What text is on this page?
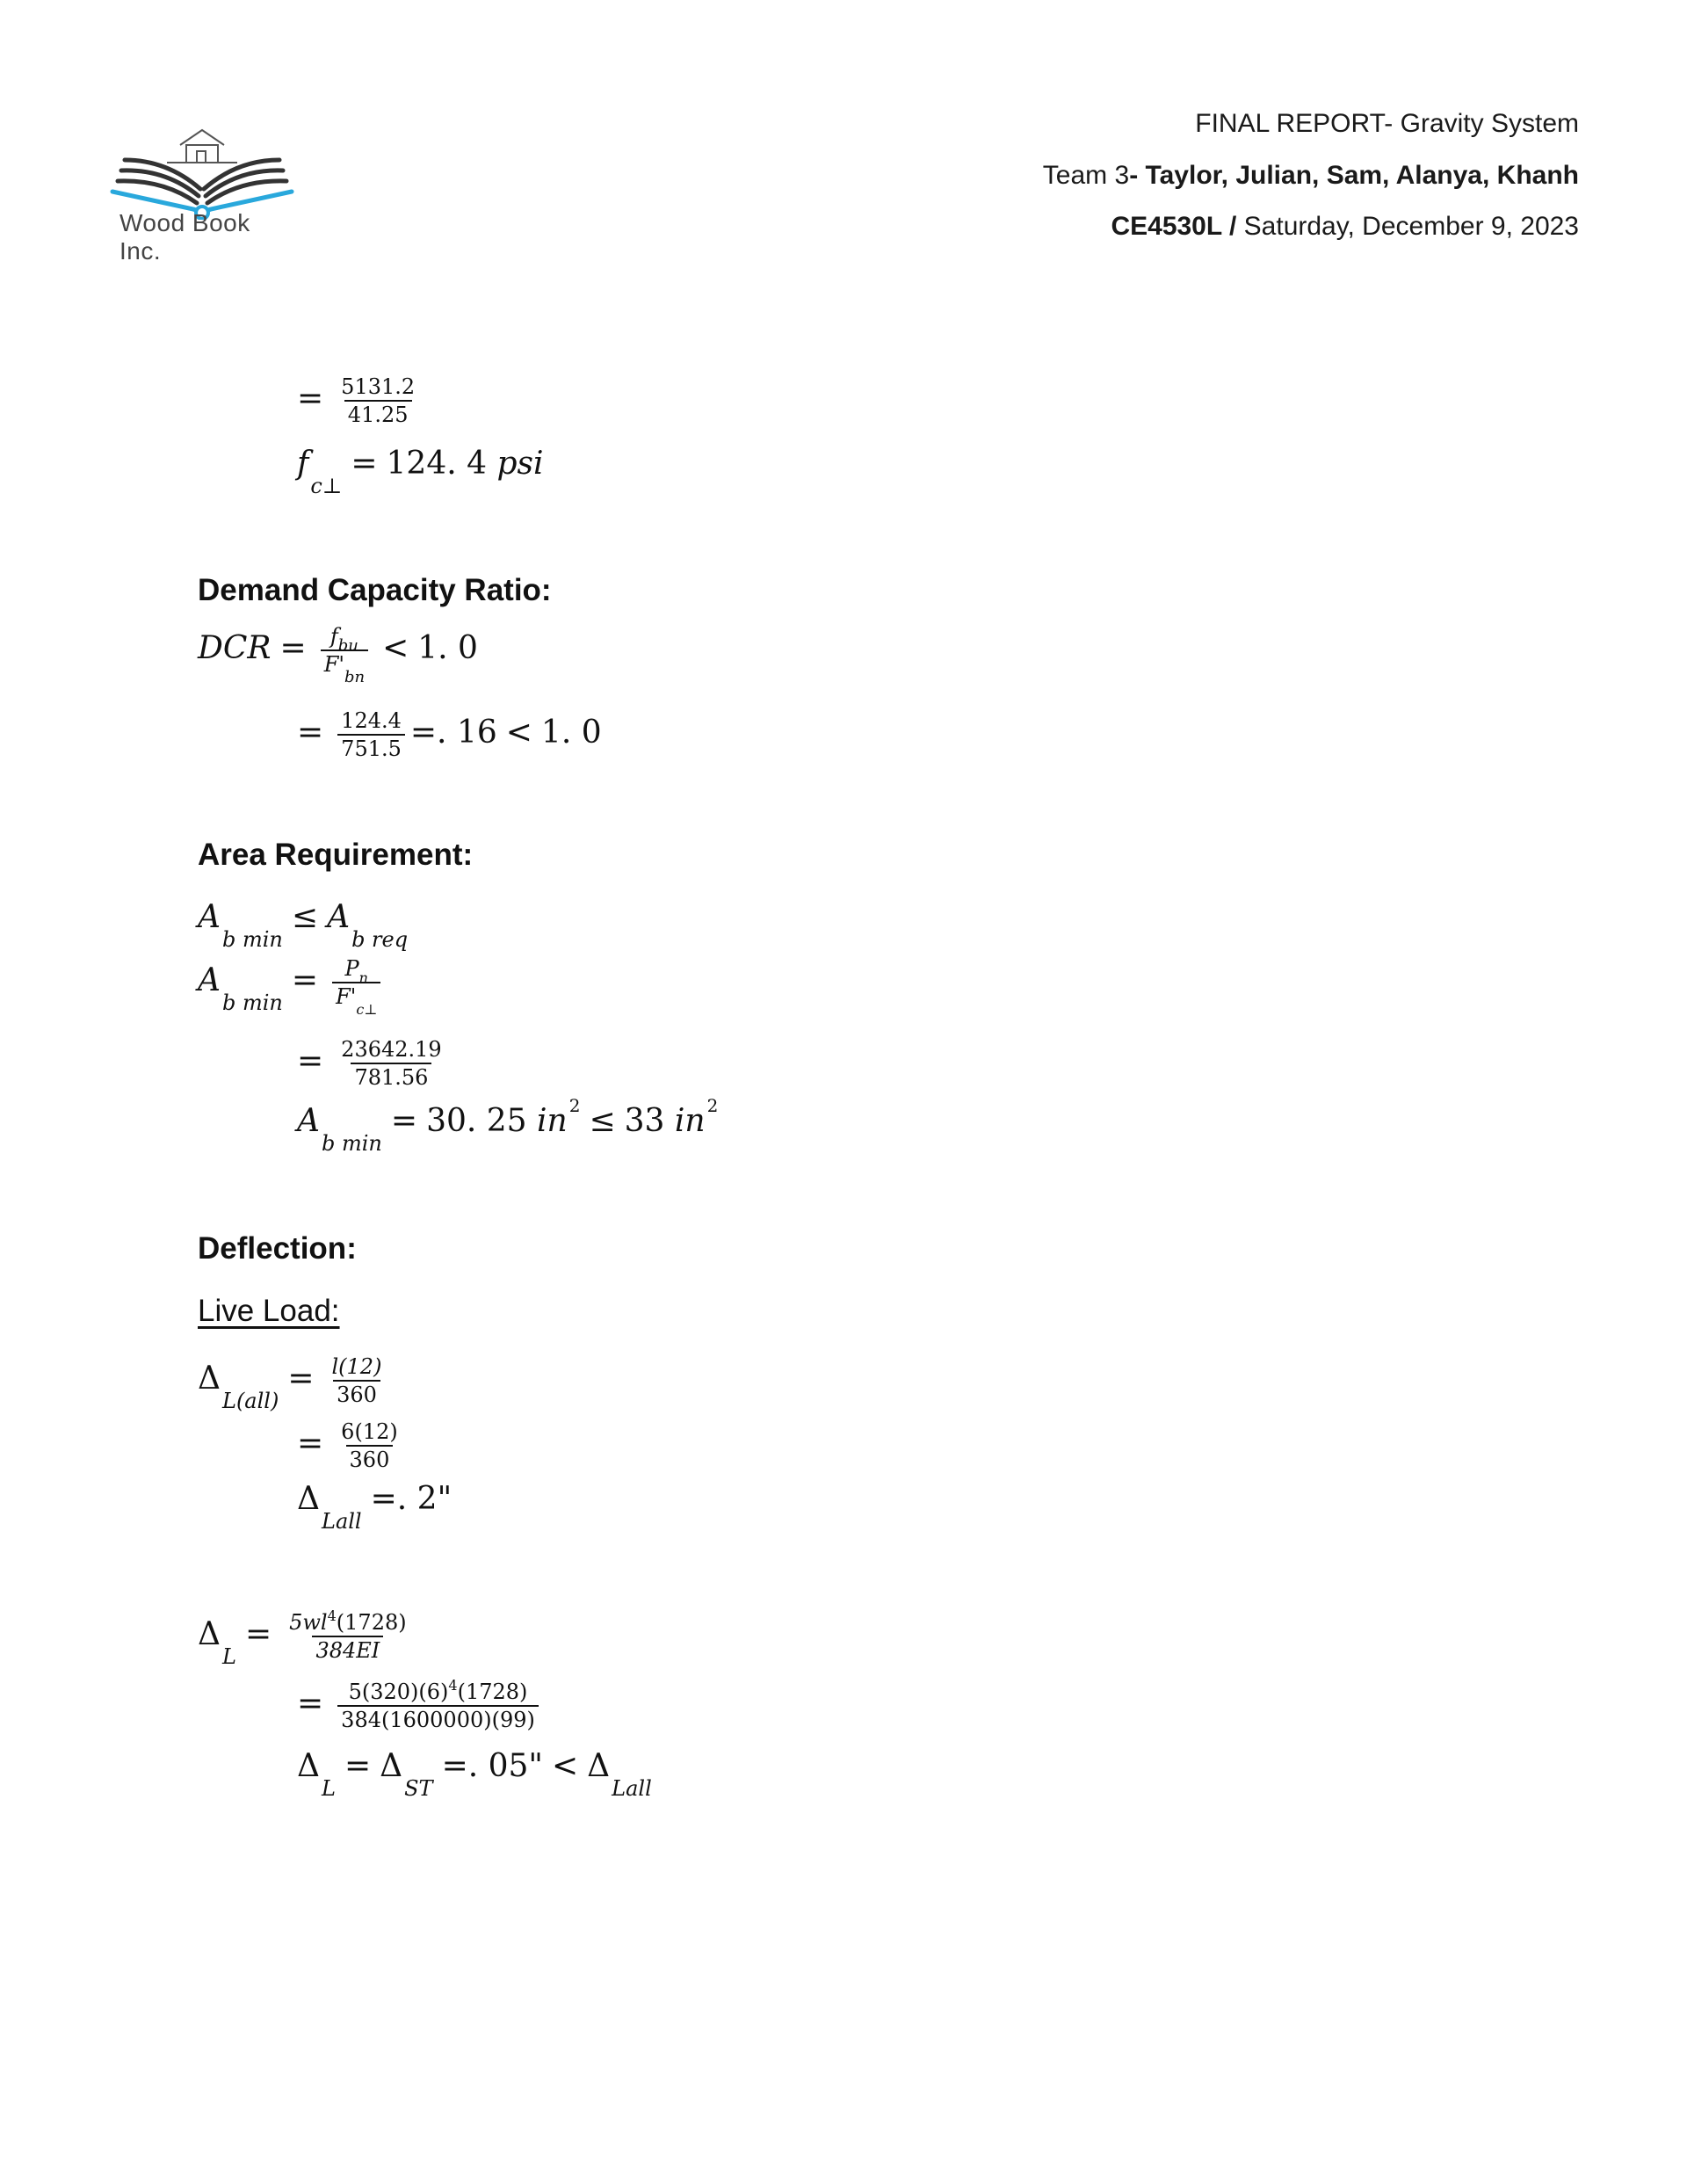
Wood Book Inc.
FINAL REPORT- Gravity System
Team 3- Taylor, Julian, Sam, Alanya, Khanh
CE4530L / Saturday, December 9, 2023
= $\frac{5131.2}{41.25}$
$f_{c\perp}= 124$. 4 psi
Demand Capacity Ratio:
DCR = $\frac{f_{bu}}{F'_{bn}} < 1$. 0
= $\frac{124.4}{751.5}$ =. 16 < 1. 0
Area Requirement:
$A_{b min}\le A_{b req}$
$A_{b min}= \frac{P_n}{F'_{c\perp}}$
= $\frac{23642.19}{781.56}$
$A_{b min}= 30$. 25 in $^2$ ≤ 33 in $^2$
Deflection:
Live Load:
$\Delta_{L(all)}= \frac{l(12)}{360}$
= $\frac{6(12)}{360}$
$\Delta_{Lall}=$. 2"
$\Delta_L= \frac{5wl^4(1728)}{384EI}$
= $\frac{5(320)(6)^4(1728)}{384(1600000)(99)}$
$\Delta_L= \Delta_{ST}=$. 05" < $\Delta_{Lall}$
